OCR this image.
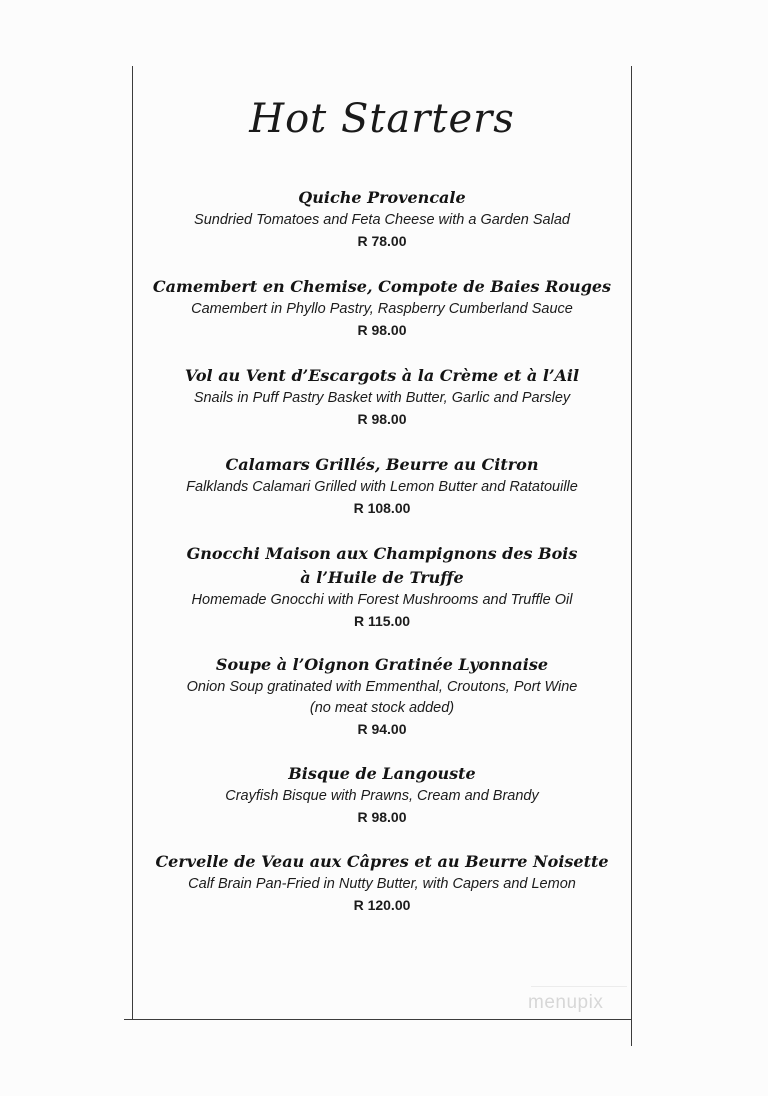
Hot Starters
Quiche Provencale
Sundried Tomatoes and Feta Cheese with a Garden Salad
R 78.00
Camembert en Chemise, Compote de Baies Rouges
Camembert in Phyllo Pastry, Raspberry Cumberland Sauce
R 98.00
Vol au Vent d’Escargots à la Crème et à l’Ail
Snails in Puff Pastry Basket with Butter, Garlic and Parsley
R 98.00
Calamars Grillés, Beurre au Citron
Falklands Calamari Grilled with Lemon Butter and Ratatouille
R 108.00
Gnocchi Maison aux Champignons des Bois
à l’Huile de Truffe
Homemade Gnocchi with Forest Mushrooms and Truffle Oil
R 115.00
Soupe à l’Oignon Gratinée Lyonnaise
Onion Soup gratinated with Emmenthal, Croutons, Port Wine
(no meat stock added)
R 94.00
Bisque de Langouste
Crayfish Bisque with Prawns, Cream and Brandy
R 98.00
Cervelle de Veau aux Câpres et au Beurre Noisette
Calf Brain Pan-Fried in Nutty Butter, with Capers and Lemon
R 120.00
menupix
